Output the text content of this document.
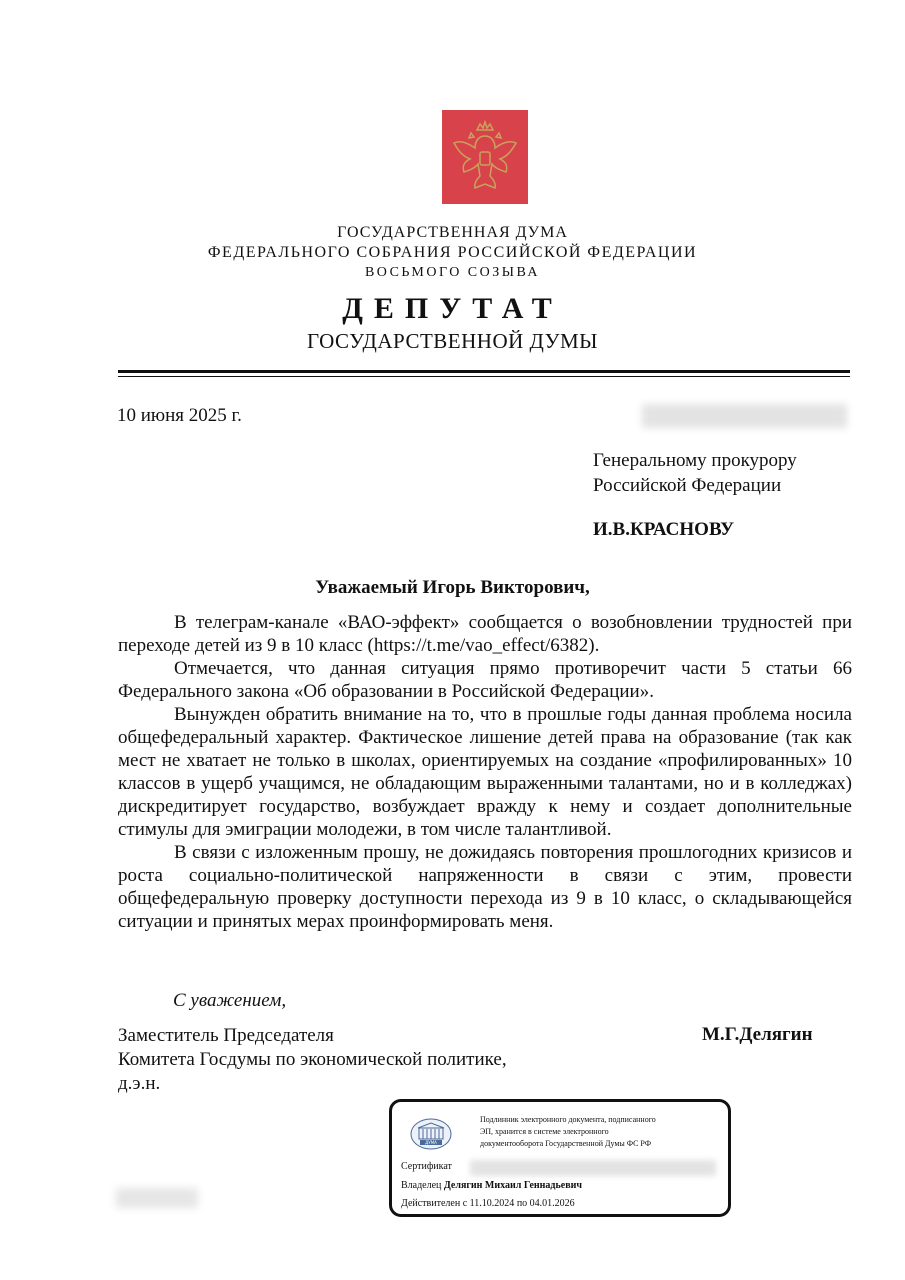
ГОСУДАРСТВЕННАЯ ДУМА
ФЕДЕРАЛЬНОГО СОБРАНИЯ РОССИЙСКОЙ ФЕДЕРАЦИИ
ВОСЬМОГО СОЗЫВА
ДЕПУТАТ
ГОСУДАРСТВЕННОЙ ДУМЫ
10 июня 2025 г.
Генеральному прокурору
Российской Федерации
И.В.КРАСНОВУ
Уважаемый Игорь Викторович,

В телеграм-канале «ВАО-эффект» сообщается о возобновлении трудностей при переходе детей из 9 в 10 класс (https://t.me/vao_effect/6382).

Отмечается, что данная ситуация прямо противоречит части 5 статьи 66 Федерального закона «Об образовании в Российской Федерации».

Вынужден обратить внимание на то, что в прошлые годы данная проблема носила общефедеральный характер. Фактическое лишение детей права на образование (так как мест не хватает не только в школах, ориентируемых на создание «профилированных» 10 классов в ущерб учащимся, не обладающим выраженными талантами, но и в колледжах) дискредитирует государство, возбуждает вражду к нему и создает дополнительные стимулы для эмиграции молодежи, в том числе талантливой.

В связи с изложенным прошу, не дожидаясь повторения прошлогодних кризисов и роста социально-политической напряженности в связи с этим, провести общефедеральную проверку доступности перехода из 9 в 10 класс, о складывающейся ситуации и принятых мерах проинформировать меня.

С уважением,
Заместитель Председателя
Комитета Госдумы по экономической политике,
д.э.н.
М.Г.Делягин
ДУМА
Подлинник электронного документа, подписанного
ЭП, хранится в системе электронного
документооборота Государственной Думы ФС РФ
Сертификат
Владелец Делягин Михаил Геннадьевич
Действителен с 11.10.2024 по 04.01.2026
